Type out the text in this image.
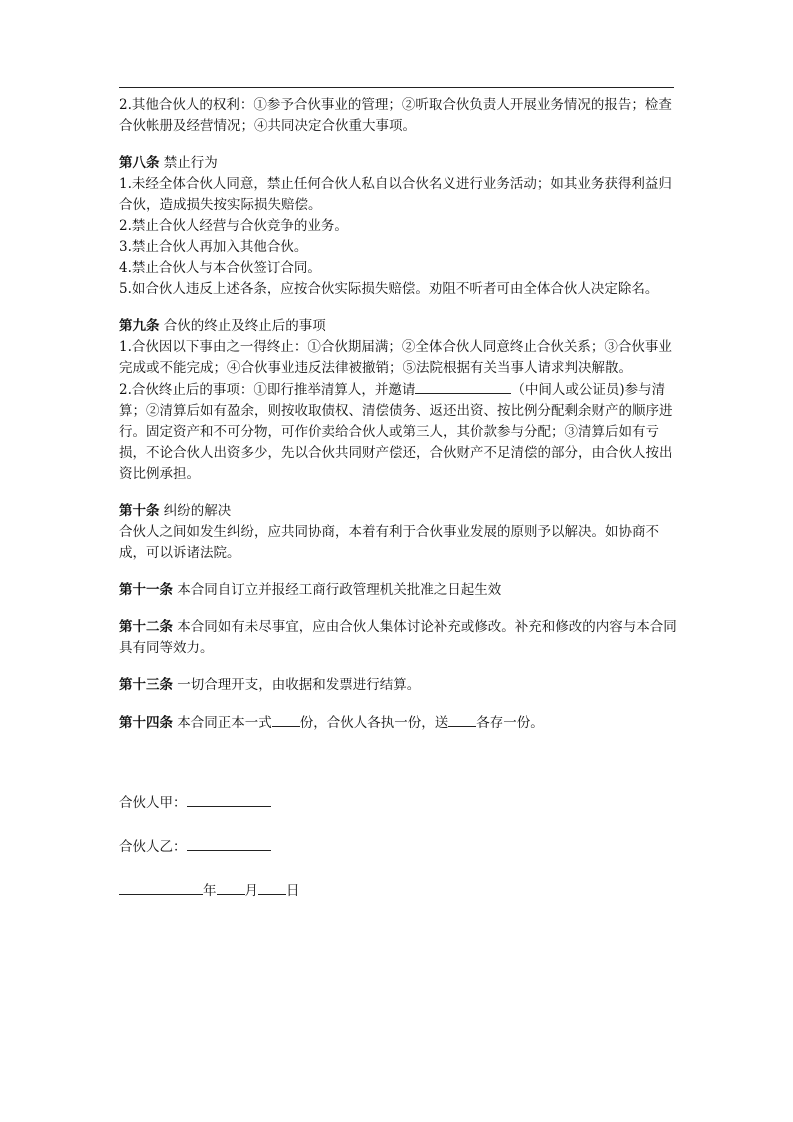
2.其他合伙人的权利：①参予合伙事业的管理；②听取合伙负责人开展业务情况的报告；检查合伙帐册及经营情况；④共同决定合伙重大事项。

第八条 禁止行为

1.未经全体合伙人同意，禁止任何合伙人私自以合伙名义进行业务活动；如其业务获得利益归合伙，造成损失按实际损失赔偿。

2.禁止合伙人经营与合伙竞争的业务。

3.禁止合伙人再加入其他合伙。

4.禁止合伙人与本合伙签订合同。

5.如合伙人违反上述各条，应按合伙实际损失赔偿。劝阻不听者可由全体合伙人决定除名。

第九条 合伙的终止及终止后的事项

1.合伙因以下事由之一得终止：①合伙期届满；②全体合伙人同意终止合伙关系；③合伙事业完成或不能完成；④合伙事业违反法律被撤销；⑤法院根据有关当事人请求判决解散。

2.合伙终止后的事项：①即行推举清算人，并邀请	（中间人或公证员)参与清算；②清算后如有盈余，则按收取债权、清偿债务、返还出资、按比例分配剩余财产的顺序进行。固定资产和不可分物，可作价卖给合伙人或第三人，其价款参与分配；③清算后如有亏损，不论合伙人出资多少，先以合伙共同财产偿还，合伙财产不足清偿的部分，由合伙人按出资比例承担。

第十条 纠纷的解决

合伙人之间如发生纠纷，应共同协商，本着有利于合伙事业发展的原则予以解决。如协商不成，可以诉诸法院。

第十一条 本合同自订立并报经工商行政管理机关批准之日起生效

第十二条 本合同如有未尽事宜，应由合伙人集体讨论补充或修改。补充和修改的内容与本合同具有同等效力。

第十三条 一切合理开支，由收据和发票进行结算。

第十四条 本合同正本一式 份，合伙人各执一份，送 各存一份。

合伙人甲：

合伙人乙：

年 月 日
